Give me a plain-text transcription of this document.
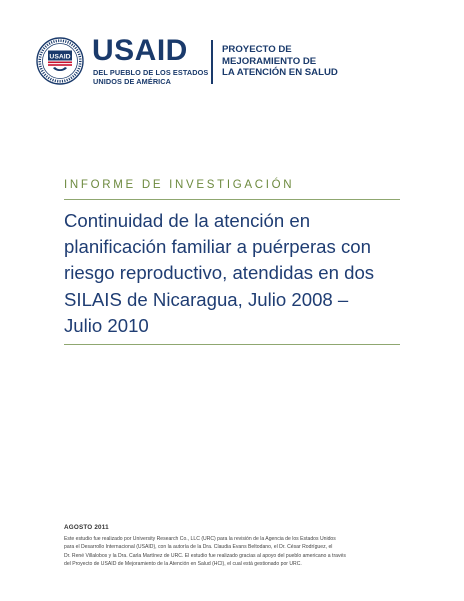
USAID USAID
DEL PUEBLO DE LOS ESTADOS
UNIDOS DE AMÉRICA
PROYECTO DE
MEJORAMIENTO DE
LA ATENCIÓN EN SALUD
INFORME DE INVESTIGACIÓN
Continuidad de la atención en
planificación familiar a puérperas con
riesgo reproductivo, atendidas en dos
SILAIS de Nicaragua, Julio 2008 –
Julio 2010
AGOSTO 2011
Este estudio fue realizado por University Research Co., LLC (URC) para la revisión de la Agencia de los Estados Unidos
para el Desarrollo Internacional (USAID), con la autoría de la Dra. Claudia Evans Beltodano, el Dr. César Rodríguez, el
Dr. René Villalobos y la Dra. Carla Martínez de URC. El estudio fue realizado gracias al apoyo del pueblo americano a través
del Proyecto de USAID de Mejoramiento de la Atención en Salud (HCI), el cual está gestionado por URC.
